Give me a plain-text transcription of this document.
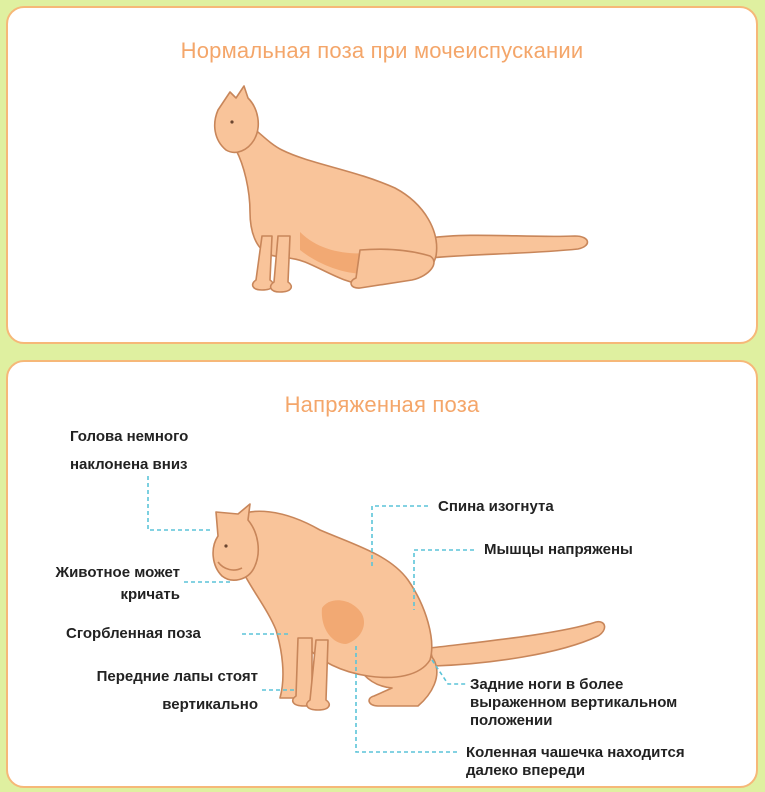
Нормальная поза при мочеиспускании
Напряженная поза
Голова немного
наклонена вниз
Животное может
кричать
Сгорбленная поза
Передние лапы стоят
вертикально
Спина изогнута
Мышцы напряжены
Задние ноги в более
выраженном вертикальном
положении
Коленная чашечка находится
далеко впереди
